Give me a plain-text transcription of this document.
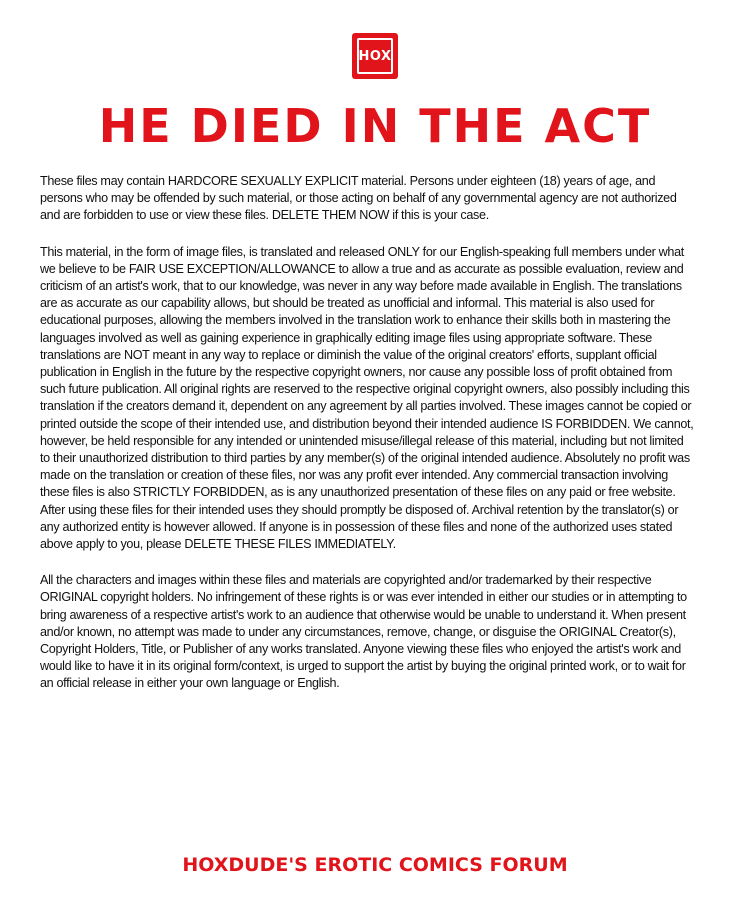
HOX
HE DIED IN THE ACT

These files may contain HARDCORE SEXUALLY EXPLICIT material. Persons under eighteen (18) years of age, and persons who may be offended by such material, or those acting on behalf of any governmental agency are not authorized and are forbidden to use or view these files. DELETE THEM NOW if this is your case.

This material, in the form of image files, is translated and released ONLY for our English-speaking full members under what we believe to be FAIR USE EXCEPTION/ALLOWANCE to allow a true and as accurate as possible evaluation, review and criticism of an artist's work, that to our knowledge, was never in any way before made available in English. The translations are as accurate as our capability allows, but should be treated as unofficial and informal. This material is also used for educational purposes, allowing the members involved in the translation work to enhance their skills both in mastering the languages involved as well as gaining experience in graphically editing image files using appropriate software. These translations are NOT meant in any way to replace or diminish the value of the original creators' efforts, supplant official publication in English in the future by the respective copyright owners, nor cause any possible loss of profit obtained from such future publication. All original rights are reserved to the respective original copyright owners, also possibly including this translation if the creators demand it, dependent on any agreement by all parties involved. These images cannot be copied or printed outside the scope of their intended use, and distribution beyond their intended audience IS FORBIDDEN. We cannot, however, be held responsible for any intended or unintended misuse/illegal release of this material, including but not limited to their unauthorized distribution to third parties by any member(s) of the original intended audience. Absolutely no profit was made on the translation or creation of these files, nor was any profit ever intended. Any commercial transaction involving these files is also STRICTLY FORBIDDEN, as is any unauthorized presentation of these files on any paid or free website. After using these files for their intended uses they should promptly be disposed of. Archival retention by the translator(s) or any authorized entity is however allowed. If anyone is in possession of these files and none of the authorized uses stated above apply to you, please DELETE THESE FILES IMMEDIATELY.

All the characters and images within these files and materials are copyrighted and/or trademarked by their respective ORIGINAL copyright holders. No infringement of these rights is or was ever intended in either our studies or in attempting to bring awareness of a respective artist's work to an audience that otherwise would be unable to understand it. When present and/or known, no attempt was made to under any circumstances, remove, change, or disguise the ORIGINAL Creator(s), Copyright Holders, Title, or Publisher of any works translated. Anyone viewing these files who enjoyed the artist's work and would like to have it in its original form/context, is urged to support the artist by buying the original printed work, or to wait for an official release in either your own language or English.

HOXDUDE'S EROTIC COMICS FORUM
